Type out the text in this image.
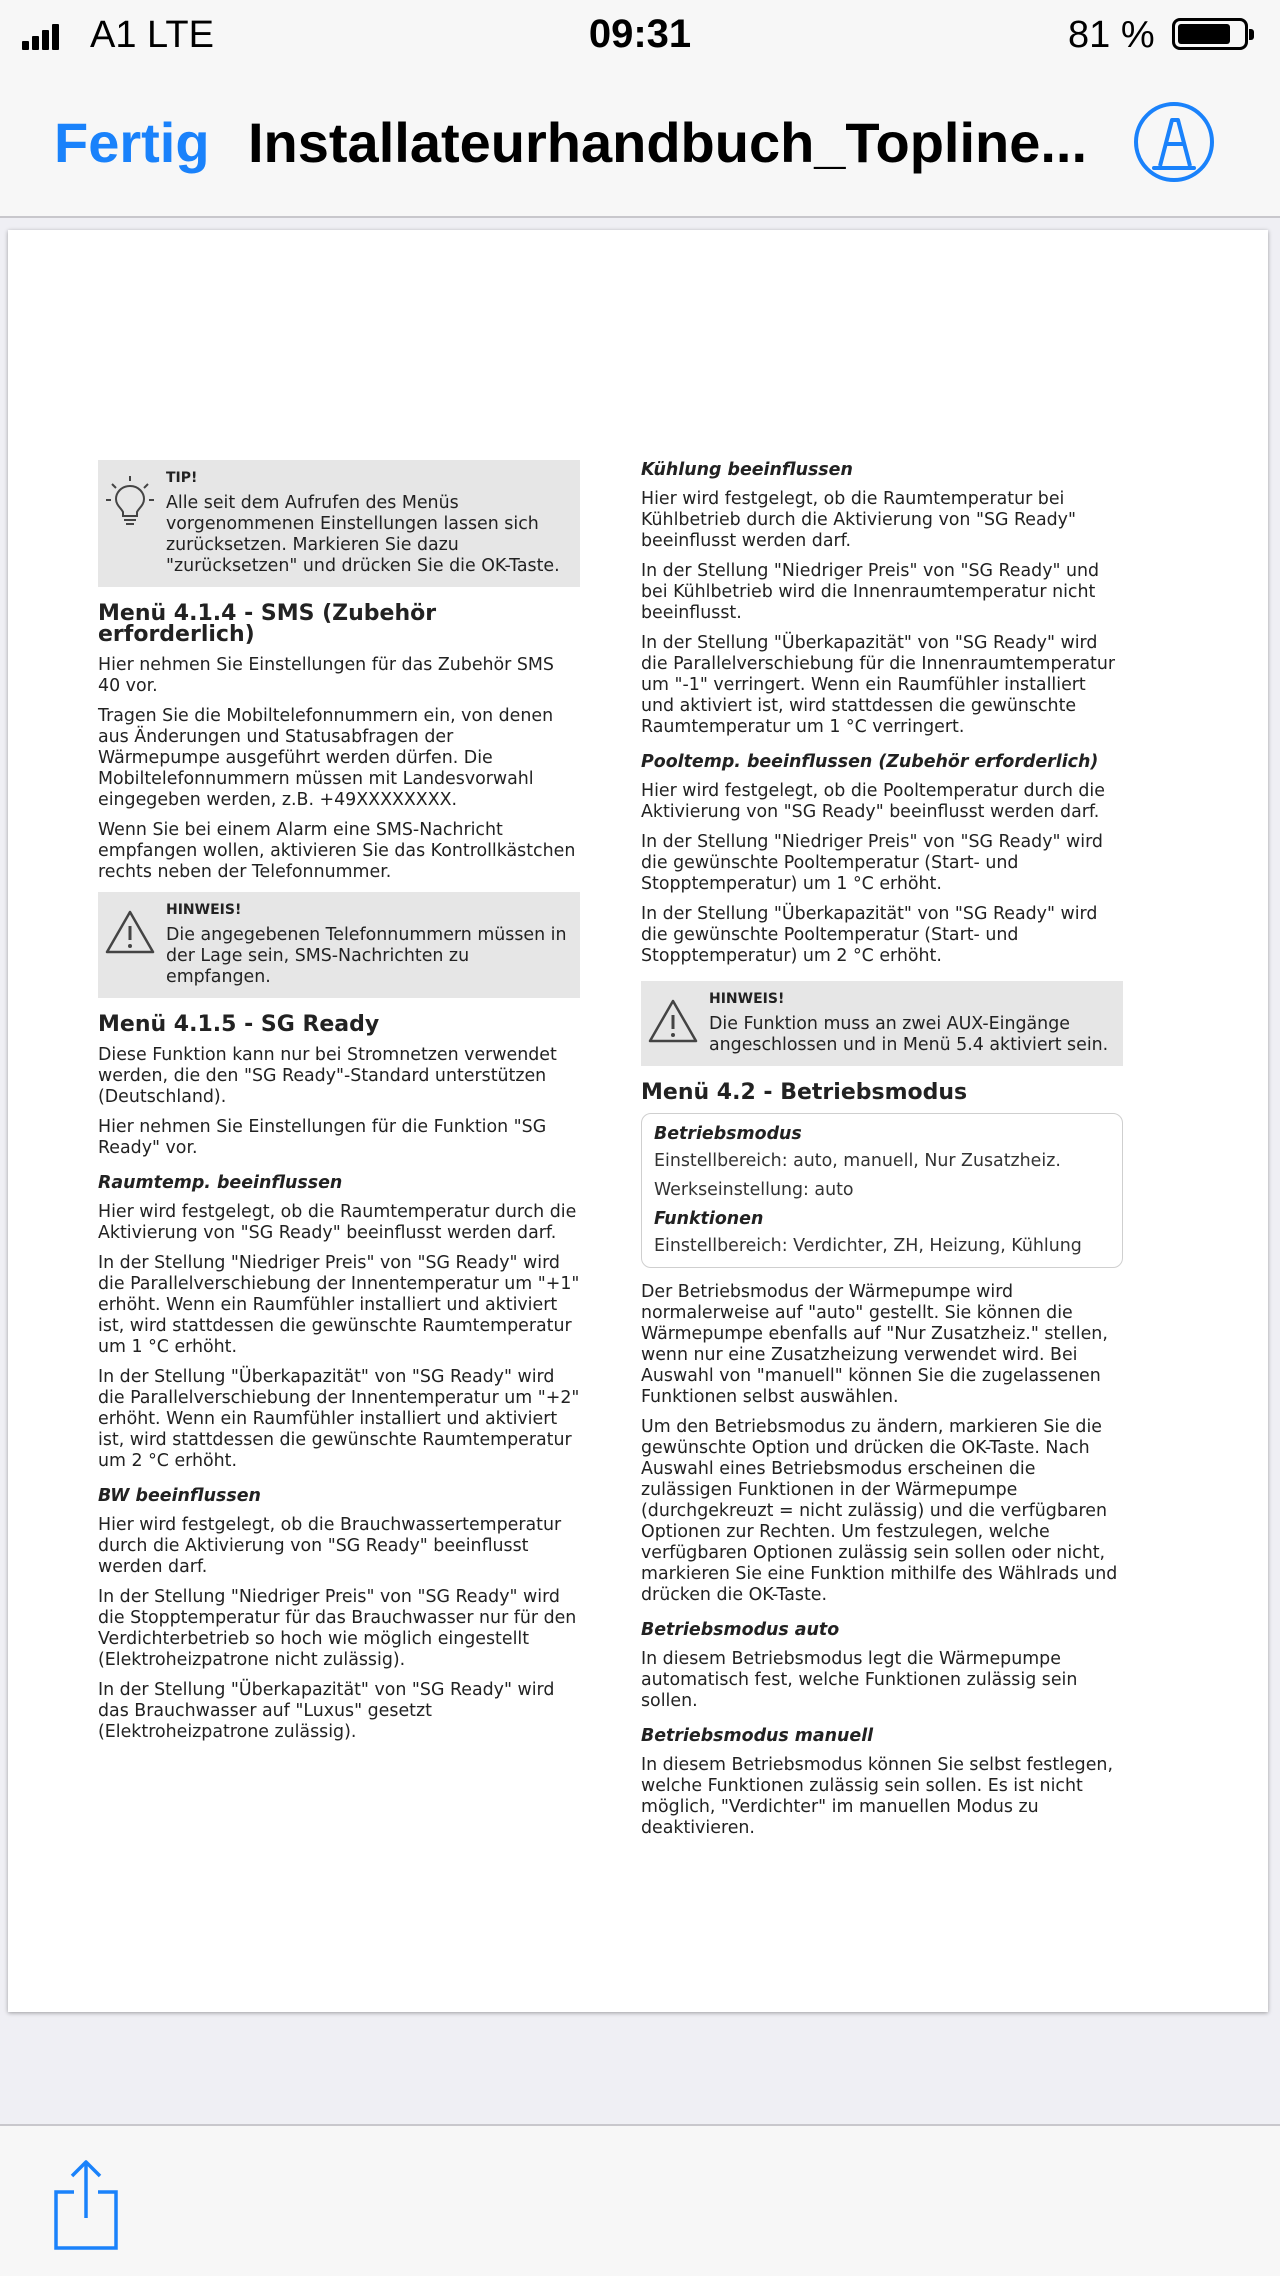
A1 LTE	09:31	81 %
Fertig Installateurhandbuch_Topline...

TIP!

Alle seit dem Aufrufen des Menüs vorgenommenen Einstellungen lassen sich zurücksetzen. Markieren Sie dazu "zurücksetzen" und drücken Sie die OK-Taste.

Menü 4.1.4 - SMS (Zubehör erforderlich)

Hier nehmen Sie Einstellungen für das Zubehör SMS 40 vor.

Tragen Sie die Mobiltelefonnummern ein, von denen aus Änderungen und Statusabfragen der Wärmepumpe ausgeführt werden dürfen. Die Mobiltelefonnummern müssen mit Landesvorwahl eingegeben werden, z.B. +49XXXXXXXX.

Wenn Sie bei einem Alarm eine SMS-Nachricht empfangen wollen, aktivieren Sie das Kontrollkästchen rechts neben der Telefonnummer.

HINWEIS!

Die angegebenen Telefonnummern müssen in der Lage sein, SMS-Nachrichten zu empfangen.

Menü 4.1.5 - SG Ready

Diese Funktion kann nur bei Stromnetzen verwendet werden, die den "SG Ready"-Standard unterstützen (Deutschland).

Hier nehmen Sie Einstellungen für die Funktion "SG Ready" vor.

Raumtemp. beeinflussen

Hier wird festgelegt, ob die Raumtemperatur durch die Aktivierung von "SG Ready" beeinflusst werden darf.

In der Stellung "Niedriger Preis" von "SG Ready" wird die Parallelverschiebung der Innentemperatur um "+1" erhöht. Wenn ein Raumfühler installiert und aktiviert ist, wird stattdessen die gewünschte Raumtemperatur um 1 °C erhöht.

In der Stellung "Überkapazität" von "SG Ready" wird die Parallelverschiebung der Innentemperatur um "+2" erhöht. Wenn ein Raumfühler installiert und aktiviert ist, wird stattdessen die gewünschte Raumtemperatur um 2 °C erhöht.

BW beeinflussen

Hier wird festgelegt, ob die Brauchwassertemperatur durch die Aktivierung von "SG Ready" beeinflusst werden darf.

In der Stellung "Niedriger Preis" von "SG Ready" wird die Stopptemperatur für das Brauchwasser nur für den Verdichterbetrieb so hoch wie möglich eingestellt (Elektroheizpatrone nicht zulässig).

In der Stellung "Überkapazität" von "SG Ready" wird das Brauchwasser auf "Luxus" gesetzt (Elektroheizpatrone zulässig).

Kühlung beeinflussen

Hier wird festgelegt, ob die Raumtemperatur bei Kühlbetrieb durch die Aktivierung von "SG Ready" beeinflusst werden darf.

In der Stellung "Niedriger Preis" von "SG Ready" und bei Kühlbetrieb wird die Innenraumtemperatur nicht beeinflusst.

In der Stellung "Überkapazität" von "SG Ready" wird die Parallelverschiebung für die Innenraumtemperatur um "-1" verringert. Wenn ein Raumfühler installiert und aktiviert ist, wird stattdessen die gewünschte Raumtemperatur um 1 °C verringert.

Pooltemp. beeinflussen (Zubehör erforderlich)

Hier wird festgelegt, ob die Pooltemperatur durch die Aktivierung von "SG Ready" beeinflusst werden darf.

In der Stellung "Niedriger Preis" von "SG Ready" wird die gewünschte Pooltemperatur (Start- und Stopptemperatur) um 1 °C erhöht.

In der Stellung "Überkapazität" von "SG Ready" wird die gewünschte Pooltemperatur (Start- und Stopptemperatur) um 2 °C erhöht.

HINWEIS!

Die Funktion muss an zwei AUX-Eingänge angeschlossen und in Menü 5.4 aktiviert sein.

Menü 4.2 - Betriebsmodus
Betriebsmodus

Einstellbereich: auto, manuell, Nur Zusatzheiz.

Werkseinstellung: auto

Funktionen

Einstellbereich: Verdichter, ZH, Heizung, Kühlung

Der Betriebsmodus der Wärmepumpe wird normalerweise auf "auto" gestellt. Sie können die Wärmepumpe ebenfalls auf "Nur Zusatzheiz." stellen, wenn nur eine Zusatzheizung verwendet wird. Bei Auswahl von "manuell" können Sie die zugelassenen Funktionen selbst auswählen.

Um den Betriebsmodus zu ändern, markieren Sie die gewünschte Option und drücken die OK-Taste. Nach Auswahl eines Betriebsmodus erscheinen die zulässigen Funktionen in der Wärmepumpe (durchgekreuzt = nicht zulässig) und die verfügbaren Optionen zur Rechten. Um festzulegen, welche verfügbaren Optionen zulässig sein sollen oder nicht, markieren Sie eine Funktion mithilfe des Wählrads und drücken die OK-Taste.

Betriebsmodus auto

In diesem Betriebsmodus legt die Wärmepumpe automatisch fest, welche Funktionen zulässig sein sollen.

Betriebsmodus manuell

In diesem Betriebsmodus können Sie selbst festlegen, welche Funktionen zulässig sein sollen. Es ist nicht möglich, "Verdichter" im manuellen Modus zu deaktivieren.
